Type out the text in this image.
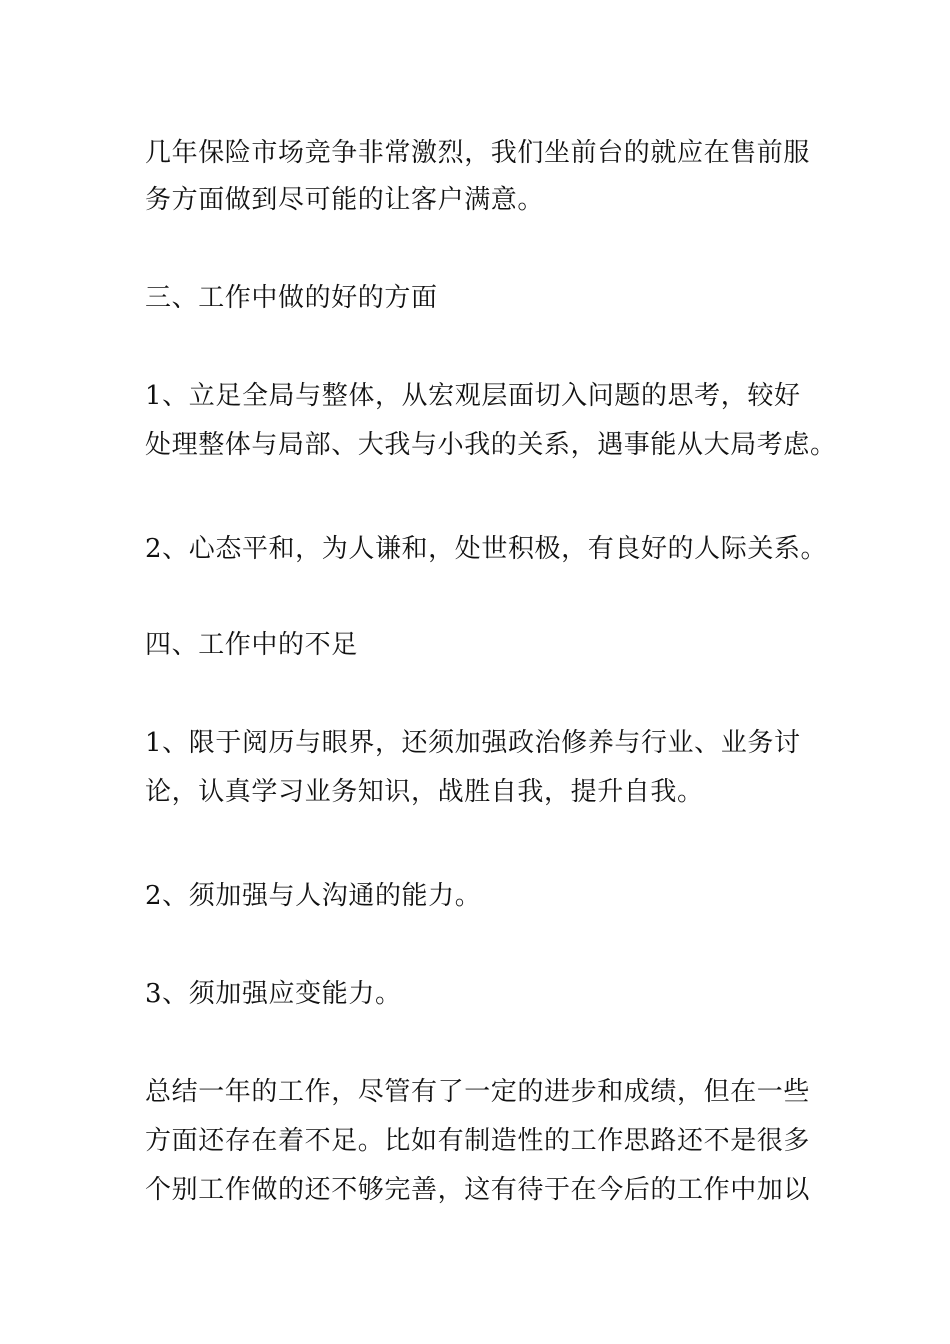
几年保险市场竞争非常激烈，我们坐前台的就应在售前服
务方面做到尽可能的让客户满意。
三、工作中做的好的方面
1、立足全局与整体，从宏观层面切入问题的思考，较好
处理整体与局部、大我与小我的关系，遇事能从大局考虑。
2、心态平和，为人谦和，处世积极，有良好的人际关系。
四、工作中的不足
1、限于阅历与眼界，还须加强政治修养与行业、业务讨
论，认真学习业务知识，战胜自我，提升自我。
2、须加强与人沟通的能力。
3、须加强应变能力。
总结一年的工作，尽管有了一定的进步和成绩，但在一些
方面还存在着不足。比如有制造性的工作思路还不是很多
个别工作做的还不够完善，这有待于在今后的工作中加以
